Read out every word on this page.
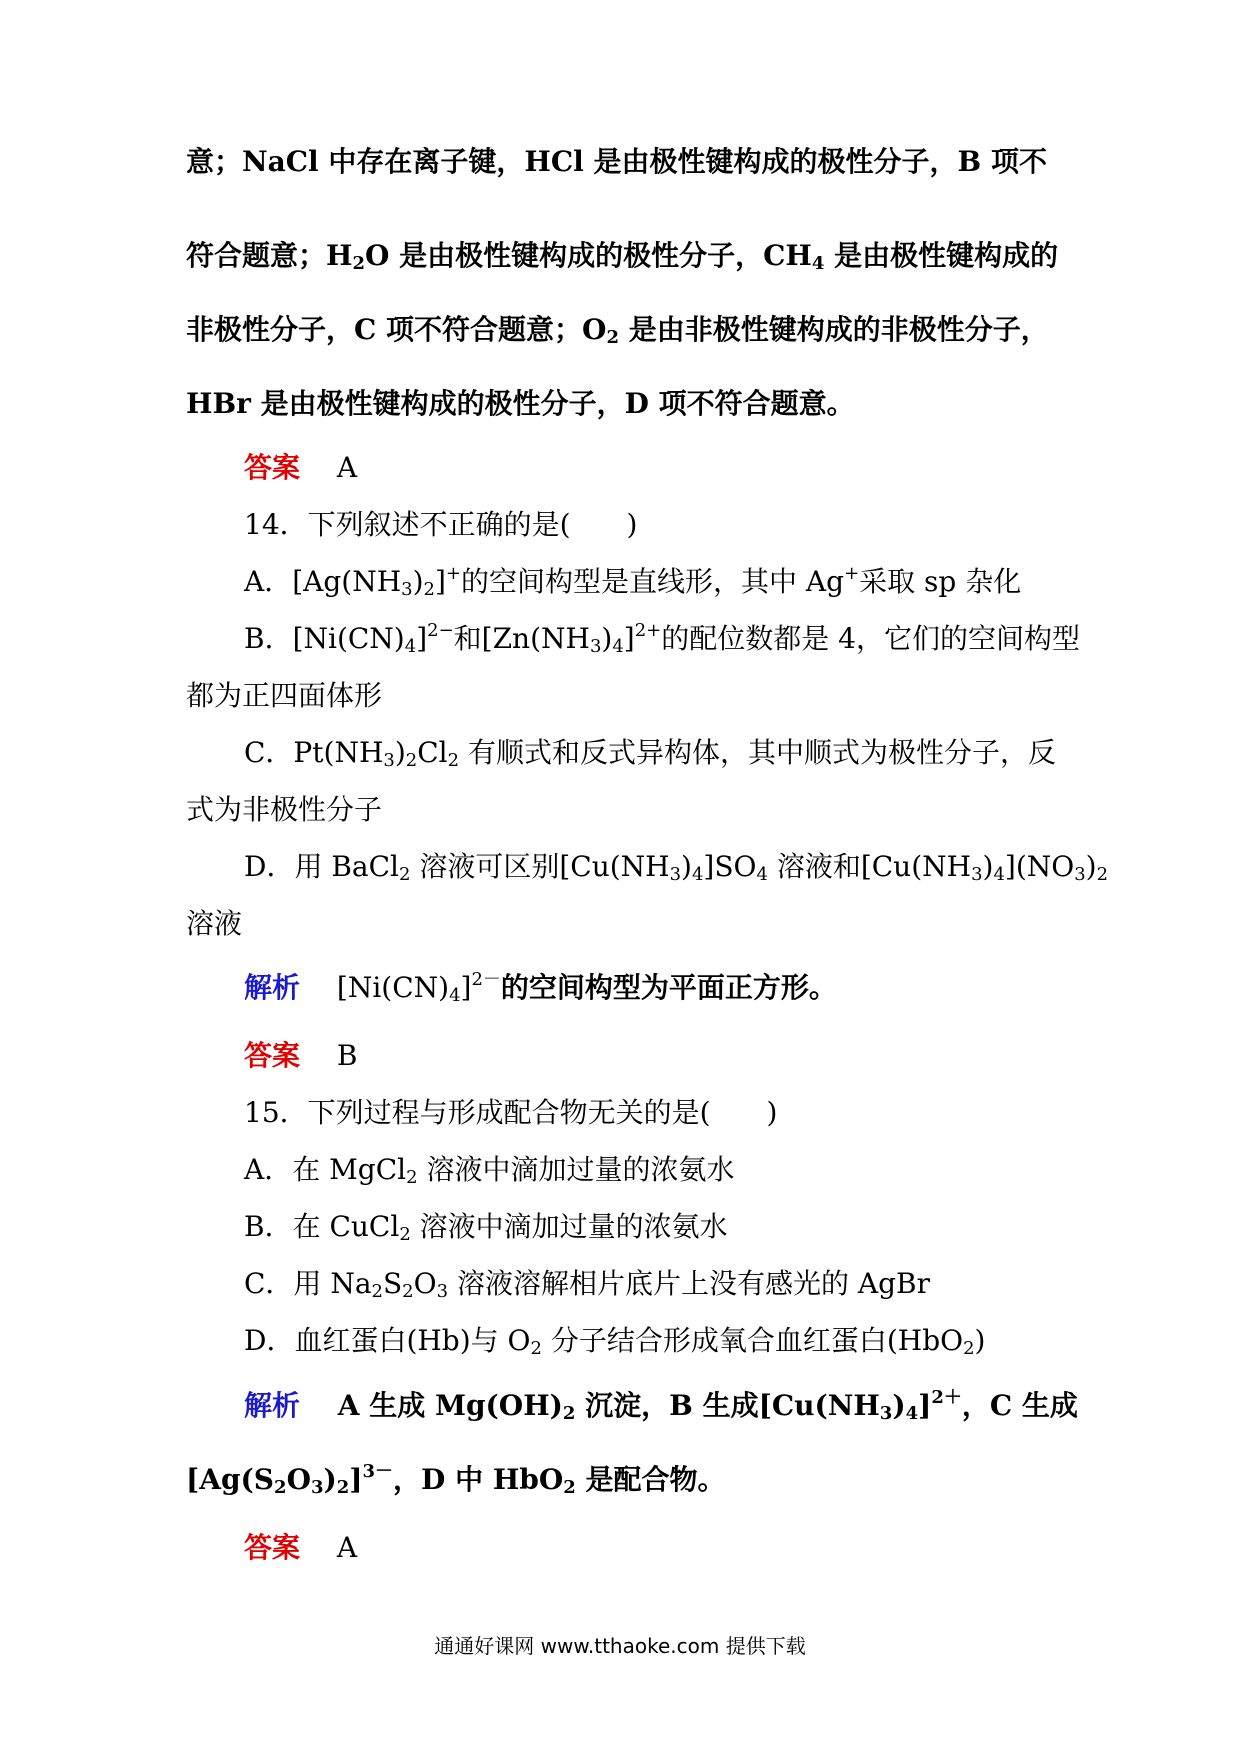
意；NaCl 中存在离子键，HCl 是由极性键构成的极性分子，B 项不
符合题意；$H_2O$ 是由极性键构成的极性分子，$CH_4$ 是由极性键构成的
非极性分子，C 项不符合题意；$O_2$ 是由非极性键构成的非极性分子，
HBr 是由极性键构成的极性分子，D 项不符合题意。
答案 A
14．下列叙述不正确的是(　　)
A．$[Ag(NH_3)_2]^+$的空间构型是直线形，其中 Ag+采取 sp 杂化
B．$[Ni(CN)_4]^{2-}$和$[Zn(NH_3)_4]^{2+}$的配位数都是 4，它们的空间构型
都为正四面体形
C．$Pt(NH_3)_2Cl_2$ 有顺式和反式异构体，其中顺式为极性分子，反
式为非极性分子
D．用 BaCl$_2$ 溶液可区别$[Cu(NH_3)_4]SO_4$ 溶液和$[Cu(NH_3)_4](NO_3)_2$
溶液
解析 $[Ni(CN)_4]^{2-}$的空间构型为平面正方形。
答案 B
15．下列过程与形成配合物无关的是(　　)
A．在 MgCl$_2$ 溶液中滴加过量的浓氨水
B．在 CuCl$_2$ 溶液中滴加过量的浓氨水
C．用 $Na_2S_2O_3$ 溶液溶解相片底片上没有感光的 AgBr
D．血红蛋白(Hb)与 $O_2$ 分子结合形成氧合血红蛋白(HbO$_2$)
解析 A 生成 $Mg(OH)_2$ 沉淀，B 生成$[Cu(NH_3)_4]^{2+}$，C 生成
$[Ag(S_2O_3)_2]^{3-}$，D 中 HbO$_2$ 是配合物。
答案 A
通通好课网 www.tthaoke.com 提供下载
